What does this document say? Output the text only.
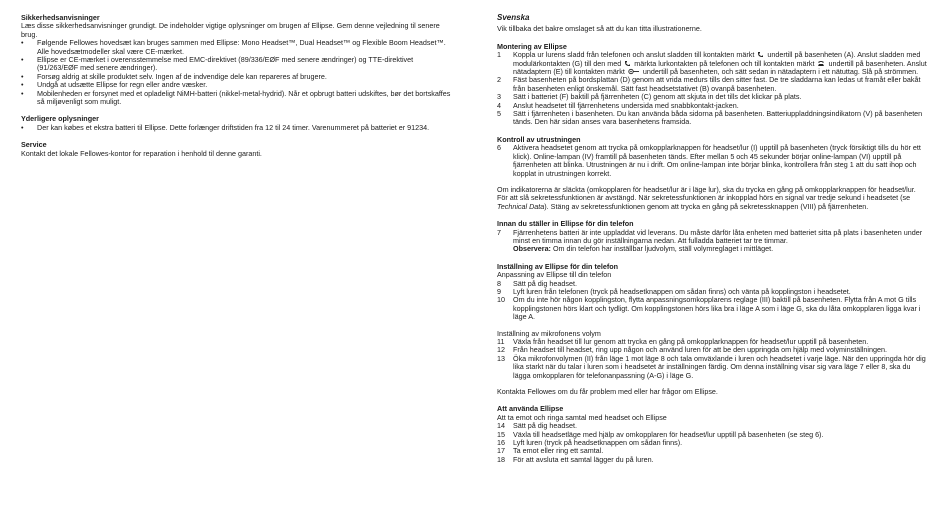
Sikkerhedsanvisninger

Læs disse sikkerhedsanvisninger grundigt. De indeholder vigtige oplysninger om brugen af Ellipse. Gem denne vejledning til senere brug.

• Følgende Fellowes hovedsæt kan bruges sammen med Ellipse: Mono Headset™, Dual Headset™ og Flexible Boom Headset™. Alle hovedsætmodeller skal være CE-mærket.
• Ellipse er CE-mærket i overensstemmelse med EMC-direktivet (89/336/EØF med senere ændringer) og TTE-direktivet (91/263/EØF med senere ændringer).
• Forsøg aldrig at skille produktet selv. Ingen af de indvendige dele kan repareres af brugere.
• Undgå at udsætte Ellipse for regn eller andre væsker.
• Mobilenheden er forsynet med et opladeligt NiMH-batteri (nikkel-metal-hydrid). Når et opbrugt batteri udskiftes, bør det bortskaffes så miljøvenligt som muligt.

Yderligere oplysninger

• Der kan købes et ekstra batteri til Ellipse. Dette forlænger driftstiden fra 12 til 24 timer. Varenummeret på batteriet er 91234.

Service

Kontakt det lokale Fellowes-kontor for reparation i henhold til denne garanti.

Svenska

Vik tillbaka det bakre omslaget så att du kan titta illustrationerne.

Montering av Ellipse

1 Koppla ur lurens sladd från telefonen och anslut sladden till kontakten märkt undertill på basenheten (A). Anslut sladden med modulärkontakten (G) till den med märkta lurkontakten på telefonen och till kontakten märkt undertill på basenheten. Anslut nätadaptern (E) till kontakten märkt	undertill på basenheten, och sätt sedan in nätadaptern i ett nätuttag. Slå på strömmen.
2 Fäst basenheten på bordsplattan (D) genom att vrida medurs tills den sitter fast. De tre sladdarna kan ledas ut framåt eller bakåt från basenheten enligt önskemål. Sätt fast headsetstativet (B) ovanpå basenheten.
3 Sätt i batteriet (F) baktill på fjärrenheten (C) genom att skjuta in det tills det klickar på plats.
4 Anslut headsetet till fjärrenhetens undersida med snabbkontakt-jacken.
5 Sätt i fjärrenheten i basenheten. Du kan använda båda sidorna på basenheten. Batteriuppladdningsindikatorn (V) på basenheten tänds. Den här sidan anses vara basenhetens framsida.

Kontroll av utrustningen

6 Aktivera headsetet genom att trycka på omkopplarknappen för headset/lur (I) upptill på basenheten (tryck försiktigt tills du hör ett klick). Online-lampan (IV) framtill på basenheten tänds. Efter mellan 5 och 45 sekunder börjar online-lampan (VI) upptill på fjärrenheten att blinka. Utrustningen är nu i drift. Om online-lampan inte börjar blinka, kontrollera från steg 1 att du satt ihop och kopplat in utrustningen korrekt.

Om indikatorerna är släckta (omkopplaren för headset/lur är i läge lur), ska du trycka en gång på omkopplarknappen för headset/lur.

För att slå sekretessfunktionen är avstängd. När sekretessfunktionen är inkopplad hörs en signal var tredje sekund i headsetet (se Technical Data). Stäng av sekretessfunktionen genom att trycka en gång på sekretessknappen (VIII) på fjärrenheten.

Innan du ställer in Ellipse för din telefon

7 Fjärrenhetens batteri är inte uppladdat vid leverans. Du måste därför låta enheten med batteriet sitta på plats i basenheten under minst en timma innan du gör inställningarna nedan. Att fulladda batteriet tar tre timmar.

Observera: Om din telefon har inställbar ljudvolym, ställ volymreglaget i mittläget.

Inställning av Ellipse för din telefon

Anpassning av Ellipse till din telefon

8 Sätt på dig headset.
9 Lyft luren från telefonen (tryck på headsetknappen om sådan finns) och vänta på kopplingston i headsetet.
10 Om du inte hör någon kopplingston, flytta anpassningsomkopplarens reglage (III) baktill på basenheten. Flytta från A mot G tills kopplingstonen hörs klart och tydligt. Om kopplingstonen hörs lika bra i läge A som i läge G, ska du låta omkopplaren ligga kvar i läge A.

Inställning av mikrofonens volym

11 Växla från headset till lur genom att trycka en gång på omkopplarknappen för headset/lur upptill på basenheten.
12 Från headset till headset, ring upp någon och använd luren för att be den uppringda om hjälp med volyminställningen.
13 Öka mikrofonvolymen (II) från läge 1 mot läge 8 och tala omväxlande i luren och headsetet i varje läge. När den uppringda hör dig lika starkt när du talar i luren som i headsetet är inställningen färdig. Om denna inställning visar sig vara läge 7 eller 8, ska du lägga omkopplaren för telefonanpassning (A-G) i läge G.

Kontakta Fellowes om du får problem med eller har frågor om Ellipse.

Att använda Ellipse

Att ta emot och ringa samtal med headset och Ellipse

14 Sätt på dig headset.
15 Växla till headsetläge med hjälp av omkopplaren för headset/lur upptill på basenheten (se steg 6).
16 Lyft luren (tryck på headsetknappen om sådan finns).
17 Ta emot eller ring ett samtal.
18 För att avsluta ett samtal lägger du på luren.
